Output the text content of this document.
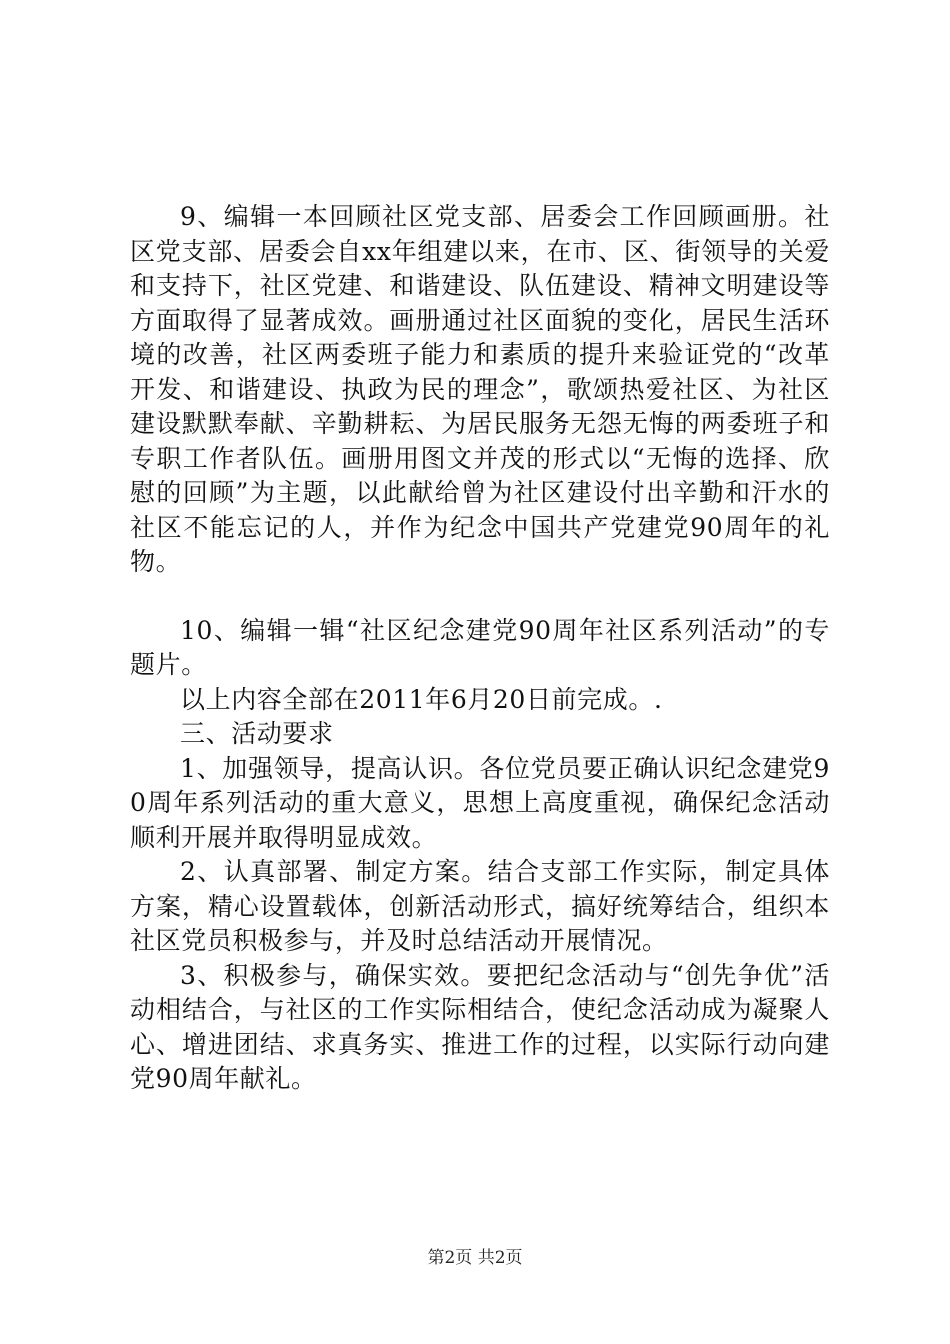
9、编辑一本回顾社区党支部、居委会工作回顾画册。社区党支部、居委会自xx年组建以来，在市、区、街领导的关爱和支持下，社区党建、和谐建设、队伍建设、精神文明建设等方面取得了显著成效。画册通过社区面貌的变化，居民生活环境的改善，社区两委班子能力和素质的提升来验证党的“改革开发、和谐建设、执政为民的理念”，歌颂热爱社区、为社区建设默默奉献、辛勤耕耘、为居民服务无怨无悔的两委班子和专职工作者队伍。画册用图文并茂的形式以“无悔的选择、欣慰的回顾”为主题，以此献给曾为社区建设付出辛勤和汗水的社区不能忘记的人，并作为纪念中国共产党建党90周年的礼物。

10、编辑一辑“社区纪念建党90周年社区系列活动”的专题片。

以上内容全部在2011年6月20日前完成。.

三、活动要求

1、加强领导，提高认识。各位党员要正确认识纪念建党90周年系列活动的重大意义，思想上高度重视，确保纪念活动顺利开展并取得明显成效。

2、认真部署、制定方案。结合支部工作实际，制定具体方案，精心设置载体，创新活动形式，搞好统筹结合，组织本社区党员积极参与，并及时总结活动开展情况。

3、积极参与，确保实效。要把纪念活动与“创先争优”活动相结合，与社区的工作实际相结合，使纪念活动成为凝聚人心、增进团结、求真务实、推进工作的过程，以实际行动向建党90周年献礼。

第2页 共2页
